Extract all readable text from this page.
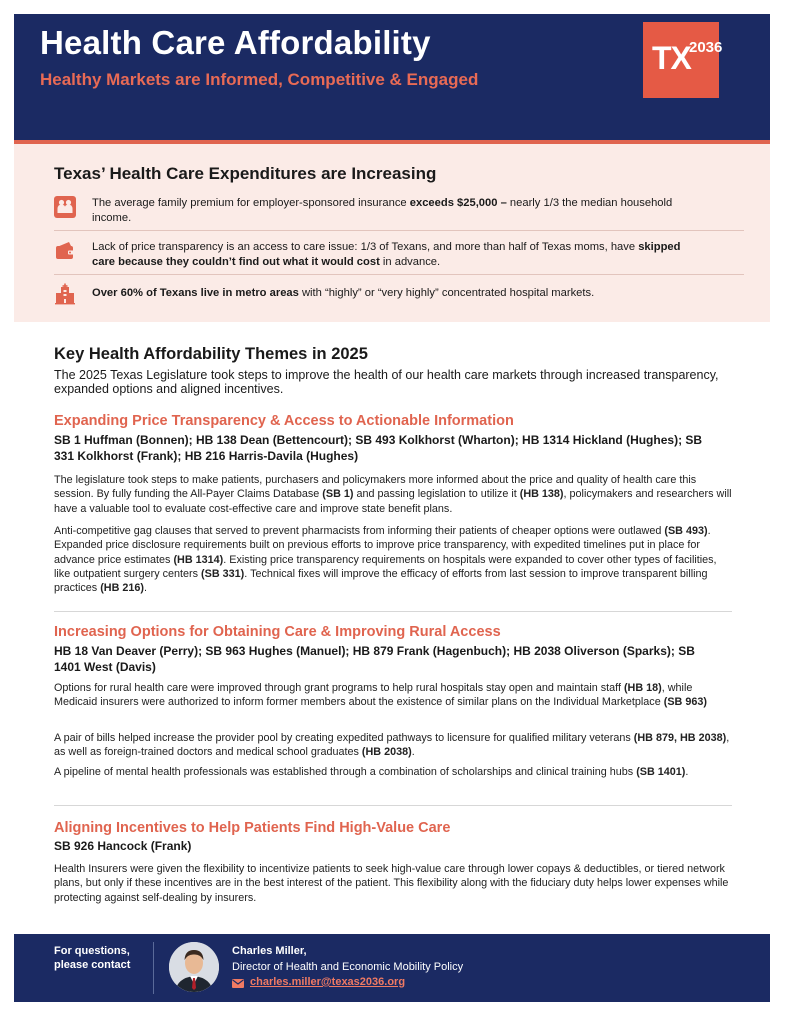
Health Care Affordability
Healthy Markets are Informed, Competitive & Engaged
TX
2036
Texas’ Health Care Expenditures are Increasing
The average family premium for employer-sponsored insurance exceeds $25,000 – nearly 1/3 the median household income.
Lack of price transparency is an access to care issue: 1/3 of Texans, and more than half of Texas moms, have skipped care because they couldn’t find out what it would cost in advance.
Over 60% of Texans live in metro areas with “highly” or “very highly” concentrated hospital markets.
Key Health Affordability Themes in 2025
The 2025 Texas Legislature took steps to improve the health of our health care markets through increased transparency, expanded options and aligned incentives.
Expanding Price Transparency & Access to Actionable Information
SB 1 Huffman (Bonnen); HB 138 Dean (Bettencourt); SB 493 Kolkhorst (Wharton); HB 1314 Hickland (Hughes); SB 331 Kolkhorst (Frank); HB 216 Harris-Davila (Hughes)
The legislature took steps to make patients, purchasers and policymakers more informed about the price and quality of health care this session. By fully funding the All-Payer Claims Database (SB 1) and passing legislation to utilize it (HB 138), policymakers and researchers will have a valuable tool to evaluate cost-effective care and improve state benefit plans.
Anti-competitive gag clauses that served to prevent pharmacists from informing their patients of cheaper options were outlawed (SB 493). Expanded price disclosure requirements built on previous efforts to improve price transparency, with expedited timelines put in place for advance price estimates (HB 1314). Existing price transparency requirements on hospitals were expanded to cover other types of facilities, like outpatient surgery centers (SB 331). Technical fixes will improve the efficacy of efforts from last session to improve transparent billing practices (HB 216).
Increasing Options for Obtaining Care & Improving Rural Access
HB 18 Van Deaver (Perry); SB 963 Hughes (Manuel); HB 879 Frank (Hagenbuch); HB 2038 Oliverson (Sparks); SB 1401 West (Davis)
Options for rural health care were improved through grant programs to help rural hospitals stay open and maintain staff (HB 18), while Medicaid insurers were authorized to inform former members about the existence of similar plans on the Individual Marketplace (SB 963)
A pair of bills helped increase the provider pool by creating expedited pathways to licensure for qualified military veterans (HB 879, HB 2038), as well as foreign-trained doctors and medical school graduates (HB 2038).
A pipeline of mental health professionals was established through a combination of scholarships and clinical training hubs (SB 1401).
Aligning Incentives to Help Patients Find High-Value Care
SB 926 Hancock (Frank)
Health Insurers were given the flexibility to incentivize patients to seek high-value care through lower copays & deductibles, or tiered network plans, but only if these incentives are in the best interest of the patient. This flexibility along with the fiduciary duty helps lower expenses while protecting against self-dealing by insurers.
For questions, please contact
Charles Miller,
Director of Health and Economic Mobility Policy
charles.miller@texas2036.org
